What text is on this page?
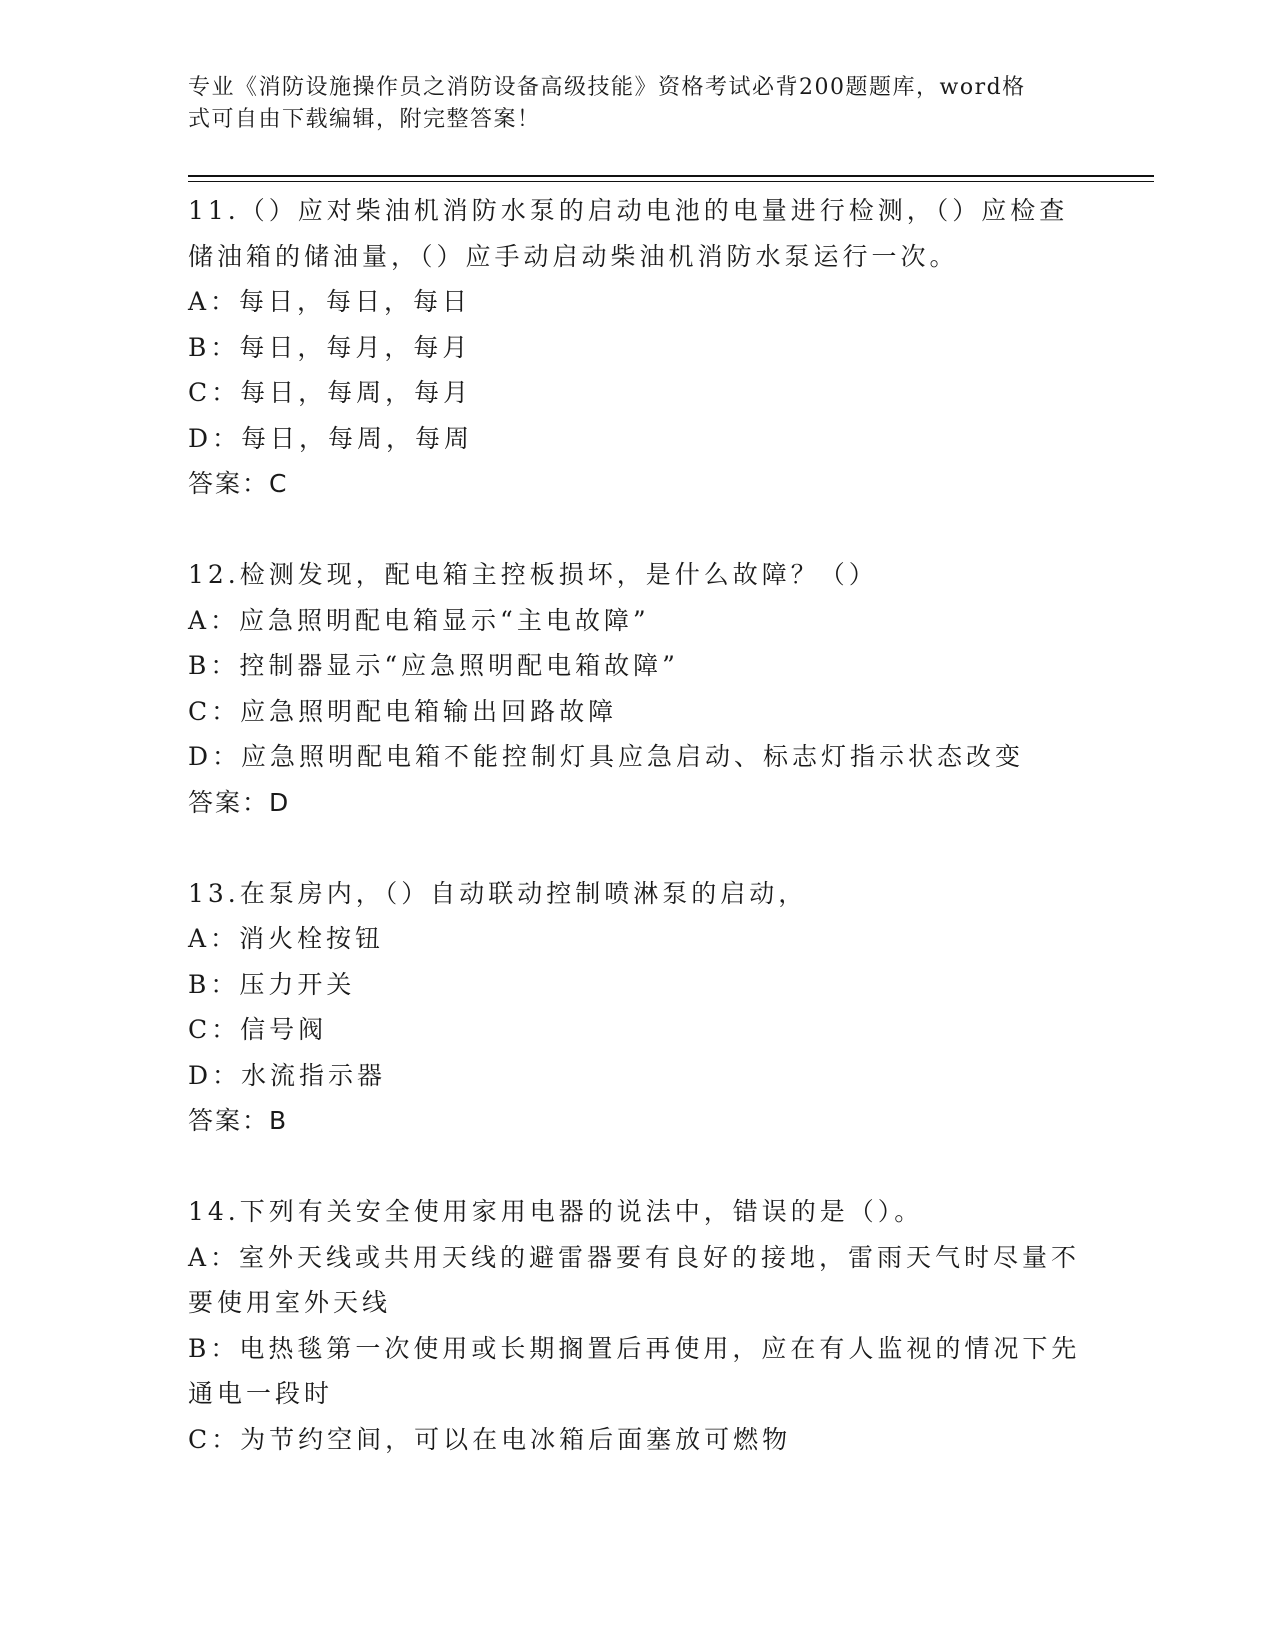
专业《消防设施操作员之消防设备高级技能》资格考试必背200题题库，word格
式可自由下载编辑，附完整答案！
11.（）应对柴油机消防水泵的启动电池的电量进行检测，（）应检查
储油箱的储油量，（）应手动启动柴油机消防水泵运行一次。
A：每日，每日，每日
B：每日，每月，每月
C：每日，每周，每月
D：每日，每周，每周
答案：C
12.检测发现，配电箱主控板损坏，是什么故障？（）
A：应急照明配电箱显示“主电故障”
B：控制器显示“应急照明配电箱故障”
C：应急照明配电箱输出回路故障
D：应急照明配电箱不能控制灯具应急启动、标志灯指示状态改变
答案：D
13.在泵房内，（）自动联动控制喷淋泵的启动，
A：消火栓按钮
B：压力开关
C：信号阀
D：水流指示器
答案：B
14.下列有关安全使用家用电器的说法中，错误的是（）。
A：室外天线或共用天线的避雷器要有良好的接地，雷雨天气时尽量不
要使用室外天线
B：电热毯第一次使用或长期搁置后再使用，应在有人监视的情况下先
通电一段时
C：为节约空间，可以在电冰箱后面塞放可燃物
